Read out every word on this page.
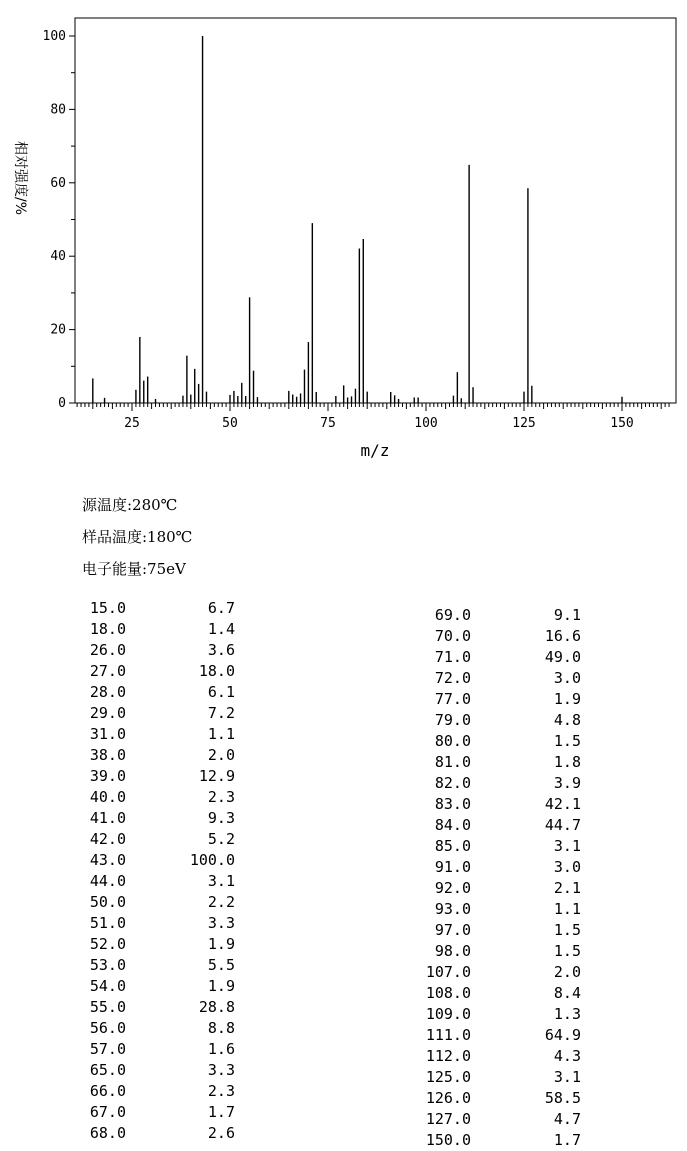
0
20
40
60
80
100
25	50	75	100	125	150
m/z
相对强度/%
源温度:280℃
样品温度:180℃
电子能量:75eV
15.0	6.7
18.0	1.4
26.0	3.6
27.0	18.0
28.0	6.1
29.0	7.2
31.0	1.1
38.0	2.0
39.0	12.9
40.0	2.3
41.0	9.3
42.0	5.2
43.0	100.0
44.0	3.1
50.0	2.2
51.0	3.3
52.0	1.9
53.0	5.5
54.0	1.9
55.0	28.8
56.0	8.8
57.0	1.6
65.0	3.3
66.0	2.3
67.0	1.7
68.0	2.6
69.0	9.1
70.0	16.6
71.0	49.0
72.0	3.0
77.0	1.9
79.0	4.8
80.0	1.5
81.0	1.8
82.0	3.9
83.0	42.1
84.0	44.7
85.0	3.1
91.0	3.0
92.0	2.1
93.0	1.1
97.0	1.5
98.0	1.5
107.0	2.0
108.0	8.4
109.0	1.3
111.0	64.9
112.0	4.3
125.0	3.1
126.0	58.5
127.0	4.7
150.0	1.7
